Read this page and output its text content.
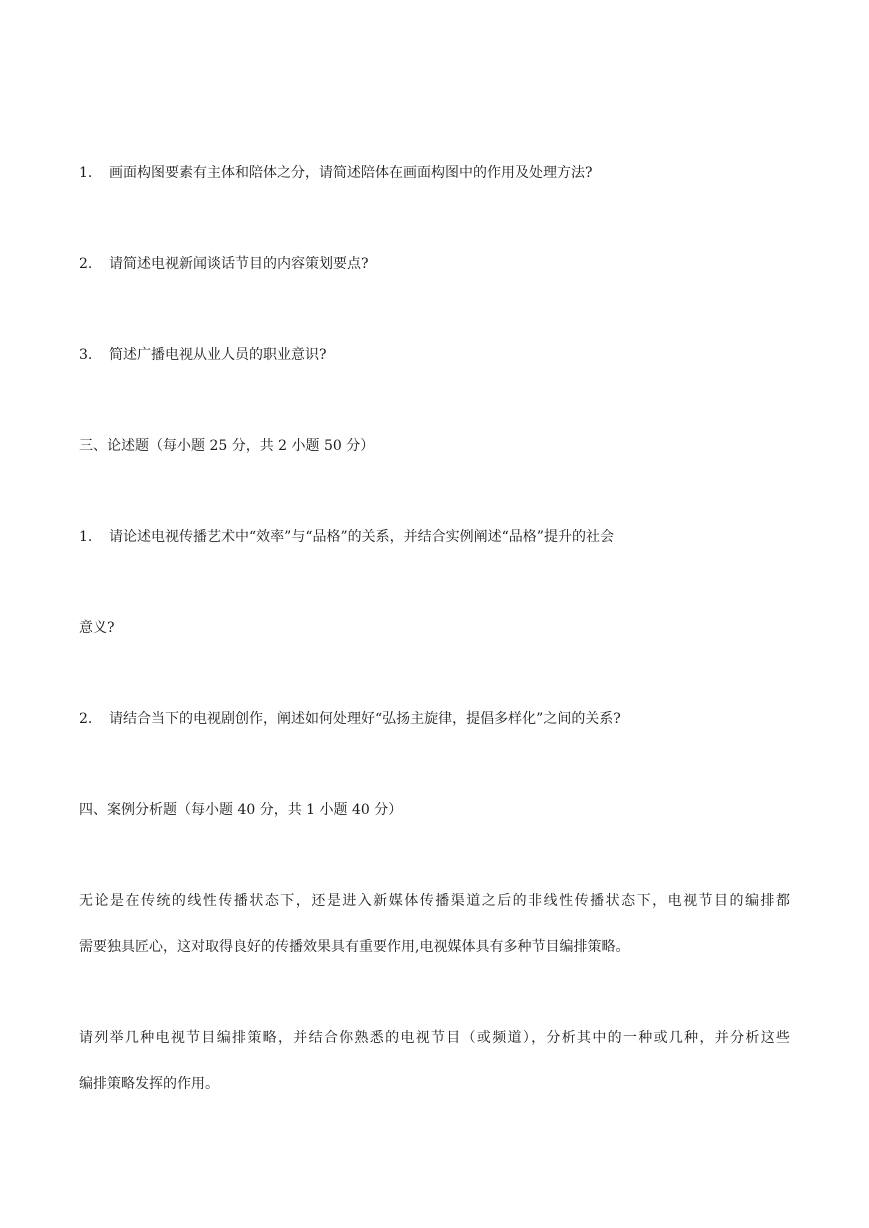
1. 画面构图要素有主体和陪体之分，请简述陪体在画面构图中的作用及处理方法?
2. 请简述电视新闻谈话节目的内容策划要点?
3. 简述广播电视从业人员的职业意识?
三、论述题（每小题 25 分，共 2 小题 50 分）
1. 请论述电视传播艺术中“效率”与“品格”的关系，并结合实例阐述“品格”提升的社会
意义?
2. 请结合当下的电视剧创作，阐述如何处理好“弘扬主旋律，提倡多样化”之间的关系?
四、案例分析题（每小题 40 分，共 1 小题 40 分）
无论是在传统的线性传播状态下，还是进入新媒体传播渠道之后的非线性传播状态下，电视节目的编排都
需要独具匠心，这对取得良好的传播效果具有重要作用,电视媒体具有多种节目编排策略。
请列举几种电视节目编排策略，并结合你熟悉的电视节目（或频道），分析其中的一种或几种，并分析这些
编排策略发挥的作用。
